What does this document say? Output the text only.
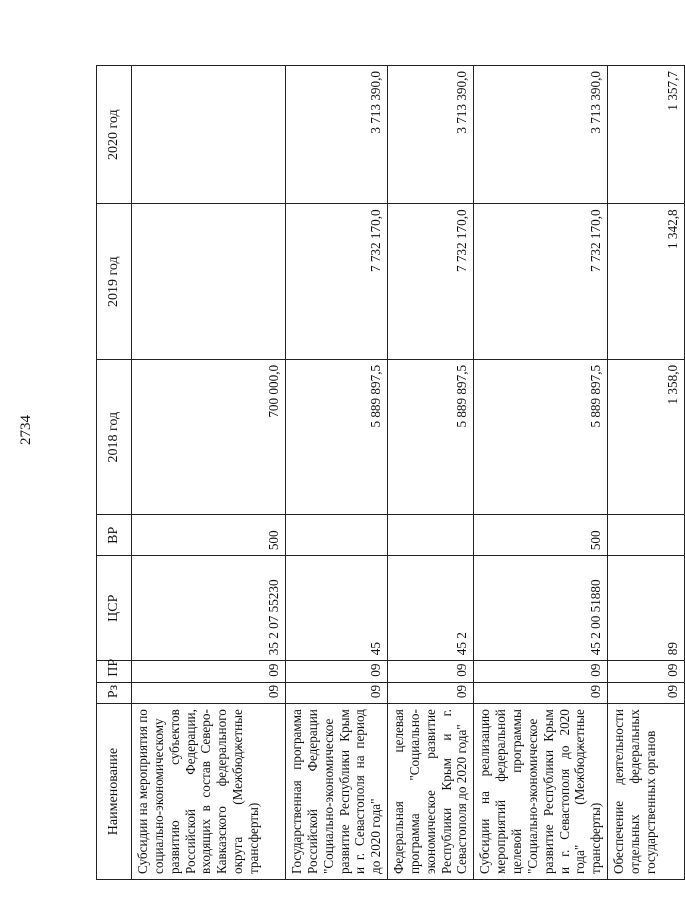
2734
Наименование	Рз	ПР	ЦСР	ВР	2018 год	2019 год	2020 год
Субсидии на мероприятия по социально-экономическому развитию субъектов Российской Федерации, входящих в состав Северо-Кавказского федерального округа (Межбюджетные трансферты)	09	09	35 2 07 55230	500	700 000,0		
Государственная программа Российской Федерации "Социально-экономическое развитие Республики Крым и г. Севастополя на период до 2020 года"	09	09	45		5 889 897,5	7 732 170,0	3 713 390,0
Федеральная целевая программа "Социально-экономическое развитие Республики Крым и г. Севастополя до 2020 года"	09	09	45 2		5 889 897,5	7 732 170,0	3 713 390,0
Субсидии на реализацию мероприятий федеральной целевой программы "Социально-экономическое развитие Республики Крым и г. Севастополя до 2020 года" (Межбюджетные трансферты)	09	09	45 2 00 51880	500	5 889 897,5	7 732 170,0	3 713 390,0
Обеспечение деятельности отдельных федеральных государственных органов	09	09	89		1 358,0	1 342,8	1 357,7
